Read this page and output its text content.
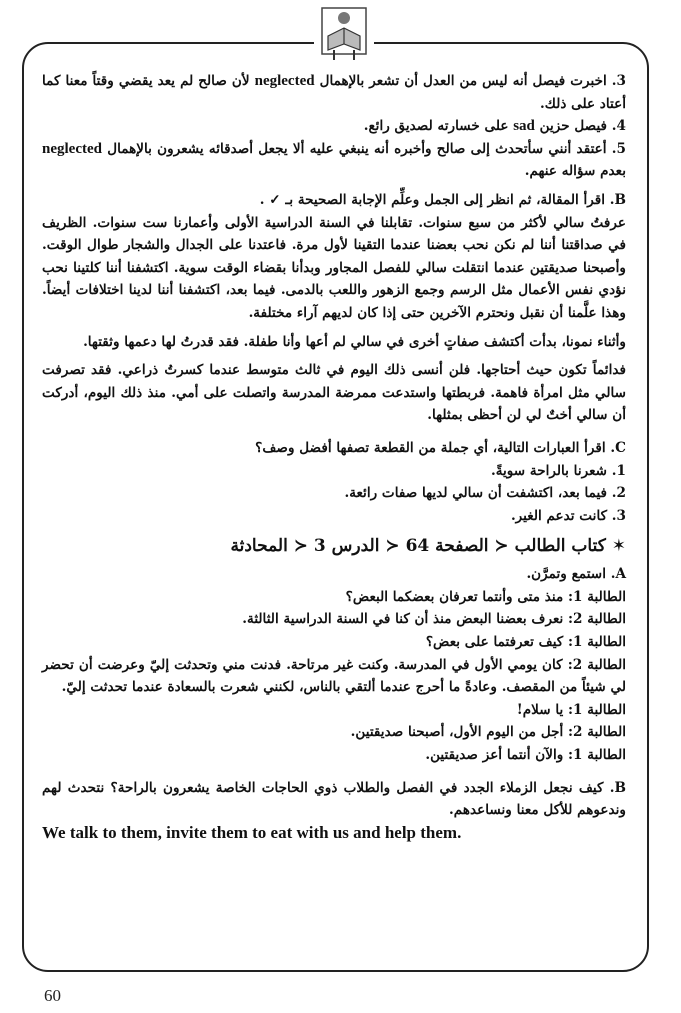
3. اخبرت فيصل أنه ليس من العدل أن تشعر بالإهمال neglected لأن صالح لم يعد يقضي وقتاً معنا كما أعتاد على ذلك.

4. فيصل حزين sad على خسارته لصديق رائع.

5. أعتقد أنني سأتحدث إلى صالح وأخبره أنه ينبغي عليه ألا يجعل أصدقائه يشعرون بالإهمال neglected بعدم سؤاله عنهم.

B. اقرأ المقالة، ثم انظر إلى الجمل وعلِّم الإجابة الصحيحة بـ ✓ .

عرفتُ سالي لأكثر من سبع سنوات. تقابلنا في السنة الدراسية الأولى وأعمارنا ست سنوات. الظريف في صداقتنا أننا لم نكن نحب بعضنا عندما التقينا لأول مرة. فاعتدنا على الجدال والشجار طوال الوقت. وأصبحنا صديقتين عندما انتقلت سالي للفصل المجاور وبدأنا بقضاء الوقت سوية. اكتشفنا أننا كلتينا نحب نؤدي نفس الأعمال مثل الرسم وجمع الزهور واللعب بالدمى. فيما بعد، اكتشفنا أننا لدينا اختلافات أيضاً. وهذا علَّمنا أن نقبل ونحترم الآخرين حتى إذا كان لديهم آراء مختلفة.

وأثناء نمونا، بدأت أكتشف صفاتٍ أخرى في سالي لم أعها وأنا طفلة. فقد قدرتُ لها دعمها وثقتها.

فدائماً تكون حيث أحتاجها. فلن أنسى ذلك اليوم في ثالث متوسط عندما كسرتُ ذراعي. فقد تصرفت سالي مثل امرأة فاهمة. فربطتها واستدعت ممرضة المدرسة واتصلت على أمي. منذ ذلك اليوم، أدركت أن سالي أختٌ لي لن أحظى بمثلها.

C. اقرأ العبارات التالية، أي جملة من القطعة تصفها أفضل وصف؟

1. شعرنا بالراحة سويةً.

2. فيما بعد، اكتشفت أن سالي لديها صفات رائعة.

3. كانت تدعم الغير.

✶ كتاب الطالب ≺ الصفحة 64 ≺ الدرس 3 ≺ المحادثة

A. استمع وتمرَّن.

الطالبة 1: منذ متى وأنتما تعرفان بعضكما البعض؟

الطالبة 2: نعرف بعضنا البعض منذ أن كنا في السنة الدراسية الثالثة.

الطالبة 1: كيف تعرفتما على بعض؟

الطالبة 2: كان يومي الأول في المدرسة. وكنت غير مرتاحة. فدنت مني وتحدثت إليّ وعرضت أن تحضر لي شيئاً من المقصف. وعادةً ما أحرج عندما ألتقي بالناس، لكنني شعرت بالسعادة عندما تحدثت إليّ.

الطالبة 1: يا سلام!

الطالبة 2: أجل من اليوم الأول، أصبحنا صديقتين.

الطالبة 1: والآن أنتما أعز صديقتين.

B. كيف نجعل الزملاء الجدد في الفصل والطلاب ذوي الحاجات الخاصة يشعرون بالراحة؟ نتحدث لهم وندعوهم للأكل معنا ونساعدهم.

We talk to them, invite them to eat with us and help them.

60
